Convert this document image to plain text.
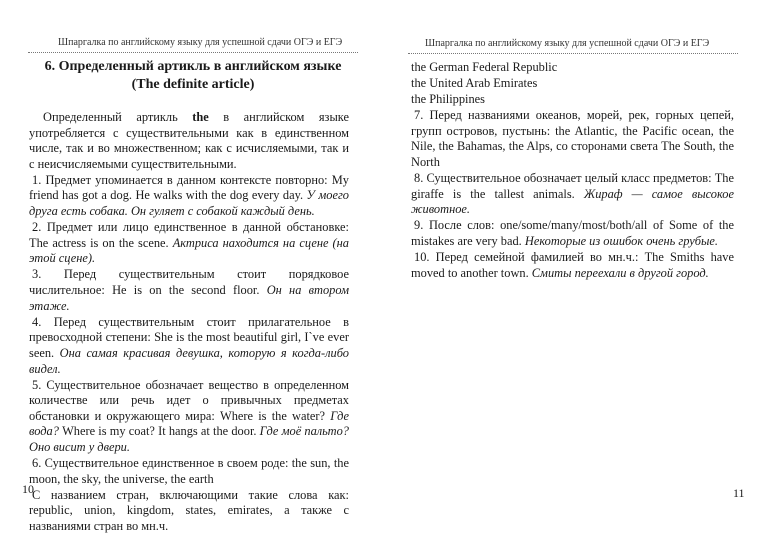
Шпаргалка по английскому языку для успешной сдачи ОГЭ и ЕГЭ
6. Определенный артикль в английском языке
(The definite article)

Определенный артикль the в английском языке употребляется с существительными как в единственном числе, так и во множественном; как с исчисляемыми, так и с неисчисляемыми существительными.

1. Предмет упоминается в данном контексте повторно: My friend has got a dog. He walks with the dog every day. У моего друга есть собака. Он гуляет с собакой каждый день.

2. Предмет или лицо единственное в данной обстановке: The actress is on the scene. Актриса находится на сцене (на этой сцене).

3. Перед существительным стоит порядковое числительное: He is on the second floor. Он на втором этаже.

4. Перед существительным стоит прилагательное в превосходной степени: She is the most beautiful girl, I`ve ever seen. Она самая красивая девушка, которую я когда-либо видел.

5. Существительное обозначает вещество в определенном количестве или речь идет о привычных предметах обстановки и окружающего мира: Where is the water? Где вода? Where is my coat? It hangs at the door. Где моё пальто? Оно висит у двери.

6. Существительное единственное в своем роде: the sun, the moon, the sky, the universe, the earth

С названием стран, включающими такие слова как: republic, union, kingdom, states, emirates, а также с названиями стран во мн.ч.

10
Шпаргалка по английскому языку для успешной сдачи ОГЭ и ЕГЭ

the German Federal Republic

the United Arab Emirates

the Philippines

7. Перед названиями океанов, морей, рек, горных цепей, групп островов, пустынь: the Atlantic, the Pacific ocean, the Nile, the Bahamas, the Alps, со сторонами света The South, the North

8. Существительное обозначает целый класс предметов: The giraffe is the tallest animals. Жираф — самое высокое животное.

9. После слов: one/some/many/most/both/all of Some of the mistakes are very bad. Некоторые из ошибок очень грубые.

10. Перед семейной фамилией во мн.ч.: The Smiths have moved to another town. Смиты переехали в другой город.

11
